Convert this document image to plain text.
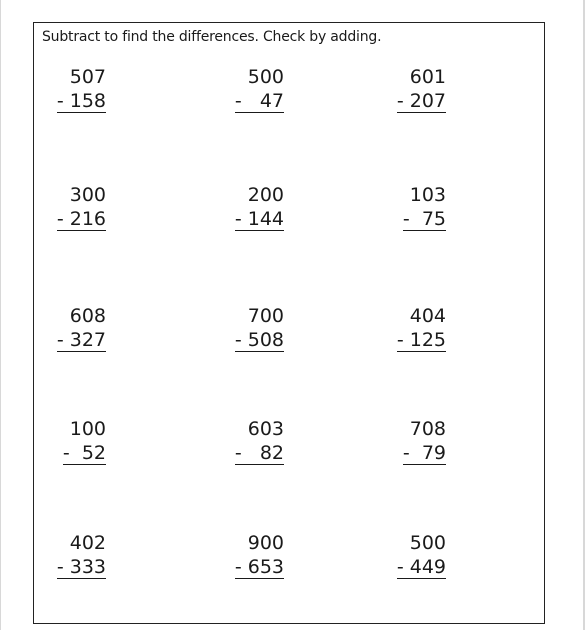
Subtract to find the differences. Check by adding.
507
- 158
500
- 47
601
- 207
300
- 216
200
- 144
103
- 75
608
- 327
700
- 508
404
- 125
100
- 52
603
- 82
708
- 79
402
- 333
900
- 653
500
- 449
